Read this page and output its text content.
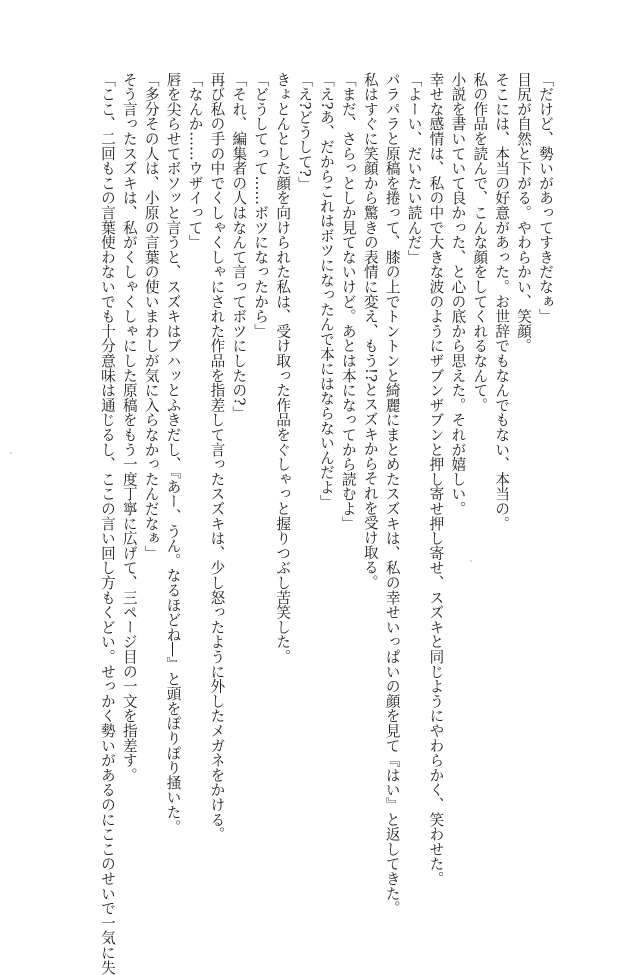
「だけど、勢いがあってすきだなぁ」
目尻が自然と下がる。やわらかい、笑顔。
そこには、本当の好意があった。お世辞でもなんでもない、本当の。
私の作品を読んで、こんな顔をしてくれるなんて。
小説を書いていて良かった、と心の底から思えた。それが嬉しい。
幸せな感情は、私の中で大きな波のようにザブンザブンと押し寄せ押し寄せ、スズキと同じようにやわらかく、笑わせた。
「よーい、だいたい読んだ」
パラパラと原稿を捲って、膝の上でトントンと綺麗にまとめたスズキは、私の幸せいっぱいの顔を見て『はい』と返してきた。
私はすぐに笑顔から驚きの表情に変え、もう!?とスズキからそれを受け取る。
「まだ、さらっとしか見てないけど。あとは本になってから読むよ」
「え?あ、だからこれはボツになったんで本にはならないんだよ」
「え?どうして?」
きょとんとした顔を向けられた私は、受け取った作品をぐしゃっと握りつぶし苦笑した。
「どうしてって……ボツになったから」
「それ、編集者の人はなんて言ってボツにしたの?」
再び私の手の中でくしゃくしゃにされた作品を指差して言ったスズキは、少し怒ったように外したメガネをかける。
「なんか……ウザイって」
唇を尖らせてボソッと言うと、スズキはブハッとふきだし、『あー、うん。なるほどね―』と頭をぽりぽり掻いた。
「多分その人は、小原の言葉の使いまわしが気に入らなかったんだなぁ」
そう言ったスズキは、私がくしゃくしゃにした原稿をもう一度丁寧に広げて、三ページ目の一文を指差す。
「ここ、二回もこの言葉使わないでも十分意味は通じるし、ここの言い回し方もくどい。せっかく勢いがあるのにここのせいで一気に失
